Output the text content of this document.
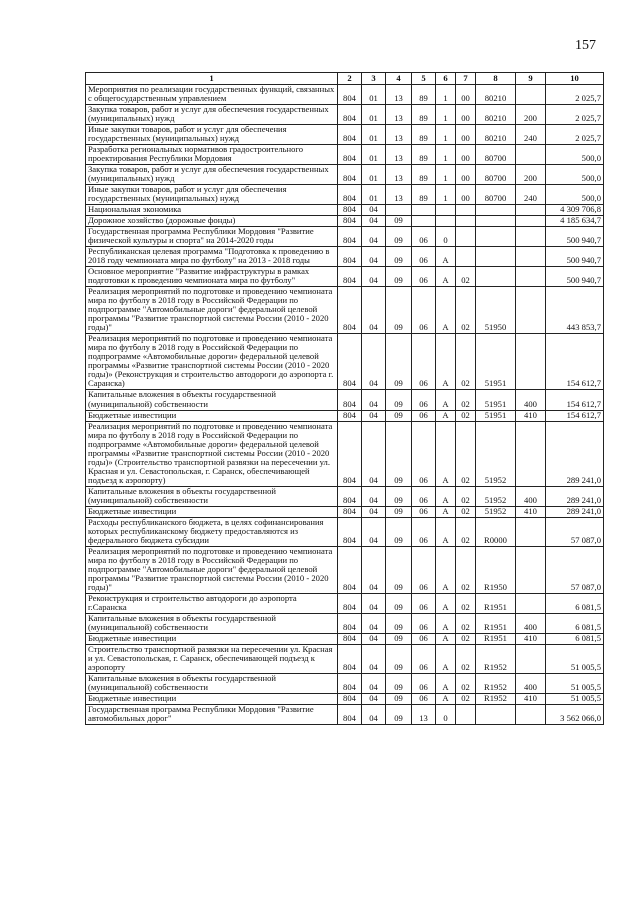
157
1	2	3	4	5	6	7	8	9	10
Мероприятия по реализации государственных функций, связанных с общегосударственным управлением	804	01	13	89	1	00	80210		2 025,7
Закупка товаров, работ и услуг для обеспечения государственных (муниципальных) нужд	804	01	13	89	1	00	80210	200	2 025,7
Иные закупки товаров, работ и услуг для обеспечения государственных (муниципальных) нужд	804	01	13	89	1	00	80210	240	2 025,7
Разработка региональных нормативов градостроительного проектирования Республики Мордовия	804	01	13	89	1	00	80700		500,0
Закупка товаров, работ и услуг для обеспечения государственных (муниципальных) нужд	804	01	13	89	1	00	80700	200	500,0
Иные закупки товаров, работ и услуг для обеспечения государственных (муниципальных) нужд	804	01	13	89	1	00	80700	240	500,0
Национальная экономика	804	04							4 309 706,8
Дорожное хозяйство (дорожные фонды)	804	04	09						4 185 634,7
Государственная программа Республики Мордовия "Развитие физической культуры и спорта" на 2014-2020 годы	804	04	09	06	0				500 940,7
Республиканская целевая программа "Подготовка к проведению в 2018 году чемпионата мира по футболу" на 2013 - 2018 годы	804	04	09	06	А				500 940,7
Основное мероприятие "Развитие инфраструктуры в рамках подготовки к проведению чемпионата мира по футболу"	804	04	09	06	А	02			500 940,7
Реализация мероприятий по подготовке и проведению чемпионата мира по футболу в 2018 году в Российской Федерации по подпрограмме "Автомобильные дороги" федеральной целевой программы "Развитие транспортной системы России (2010 - 2020 годы)"	804	04	09	06	А	02	51950		443 853,7
Реализация мероприятий по подготовке и проведению чемпионата мира по футболу в 2018 году в Российской Федерации по подпрограмме «Автомобильные дороги» федеральной целевой программы «Развитие транспортной системы России (2010 - 2020 годы)» (Реконструкция и строительство автодороги до аэропорта г. Саранска)	804	04	09	06	А	02	51951		154 612,7
Капитальные вложения в объекты государственной (муниципальной) собственности	804	04	09	06	А	02	51951	400	154 612,7
Бюджетные инвестиции	804	04	09	06	А	02	51951	410	154 612,7
Реализация мероприятий по подготовке и проведению чемпионата мира по футболу в 2018 году в Российской Федерации по подпрограмме «Автомобильные дороги» федеральной целевой программы «Развитие транспортной системы России (2010 - 2020 годы)» (Строительство транспортной развязки на пересечении ул. Красная и ул. Севастопольская, г. Саранск, обеспечивающей подъезд к аэропорту)	804	04	09	06	А	02	51952		289 241,0
Капитальные вложения в объекты государственной (муниципальной) собственности	804	04	09	06	А	02	51952	400	289 241,0
Бюджетные инвестиции	804	04	09	06	А	02	51952	410	289 241,0
Расходы республиканского бюджета, в целях софинансирования которых республиканскому бюджету предоставляются из федерального бюджета субсидии	804	04	09	06	А	02	R0000		57 087,0
Реализация мероприятий по подготовке и проведению чемпионата мира по футболу в 2018 году в Российской Федерации по подпрограмме "Автомобильные дороги" федеральной целевой программы "Развитие транспортной системы России (2010 - 2020 годы)"	804	04	09	06	А	02	R1950		57 087,0
Реконструкция и строительство автодороги до аэропорта г.Саранска	804	04	09	06	А	02	R1951		6 081,5
Капитальные вложения в объекты государственной (муниципальной) собственности	804	04	09	06	А	02	R1951	400	6 081,5
Бюджетные инвестиции	804	04	09	06	А	02	R1951	410	6 081,5
Строительство транспортной развязки на пересечении ул. Красная и ул. Севастопольская, г. Саранск, обеспечивающей подъезд к аэропорту	804	04	09	06	А	02	R1952		51 005,5
Капитальные вложения в объекты государственной (муниципальной) собственности	804	04	09	06	А	02	R1952	400	51 005,5
Бюджетные инвестиции	804	04	09	06	А	02	R1952	410	51 005,5
Государственная программа Республики Мордовия "Развитие автомобильных дорог"	804	04	09	13	0				3 562 066,0
